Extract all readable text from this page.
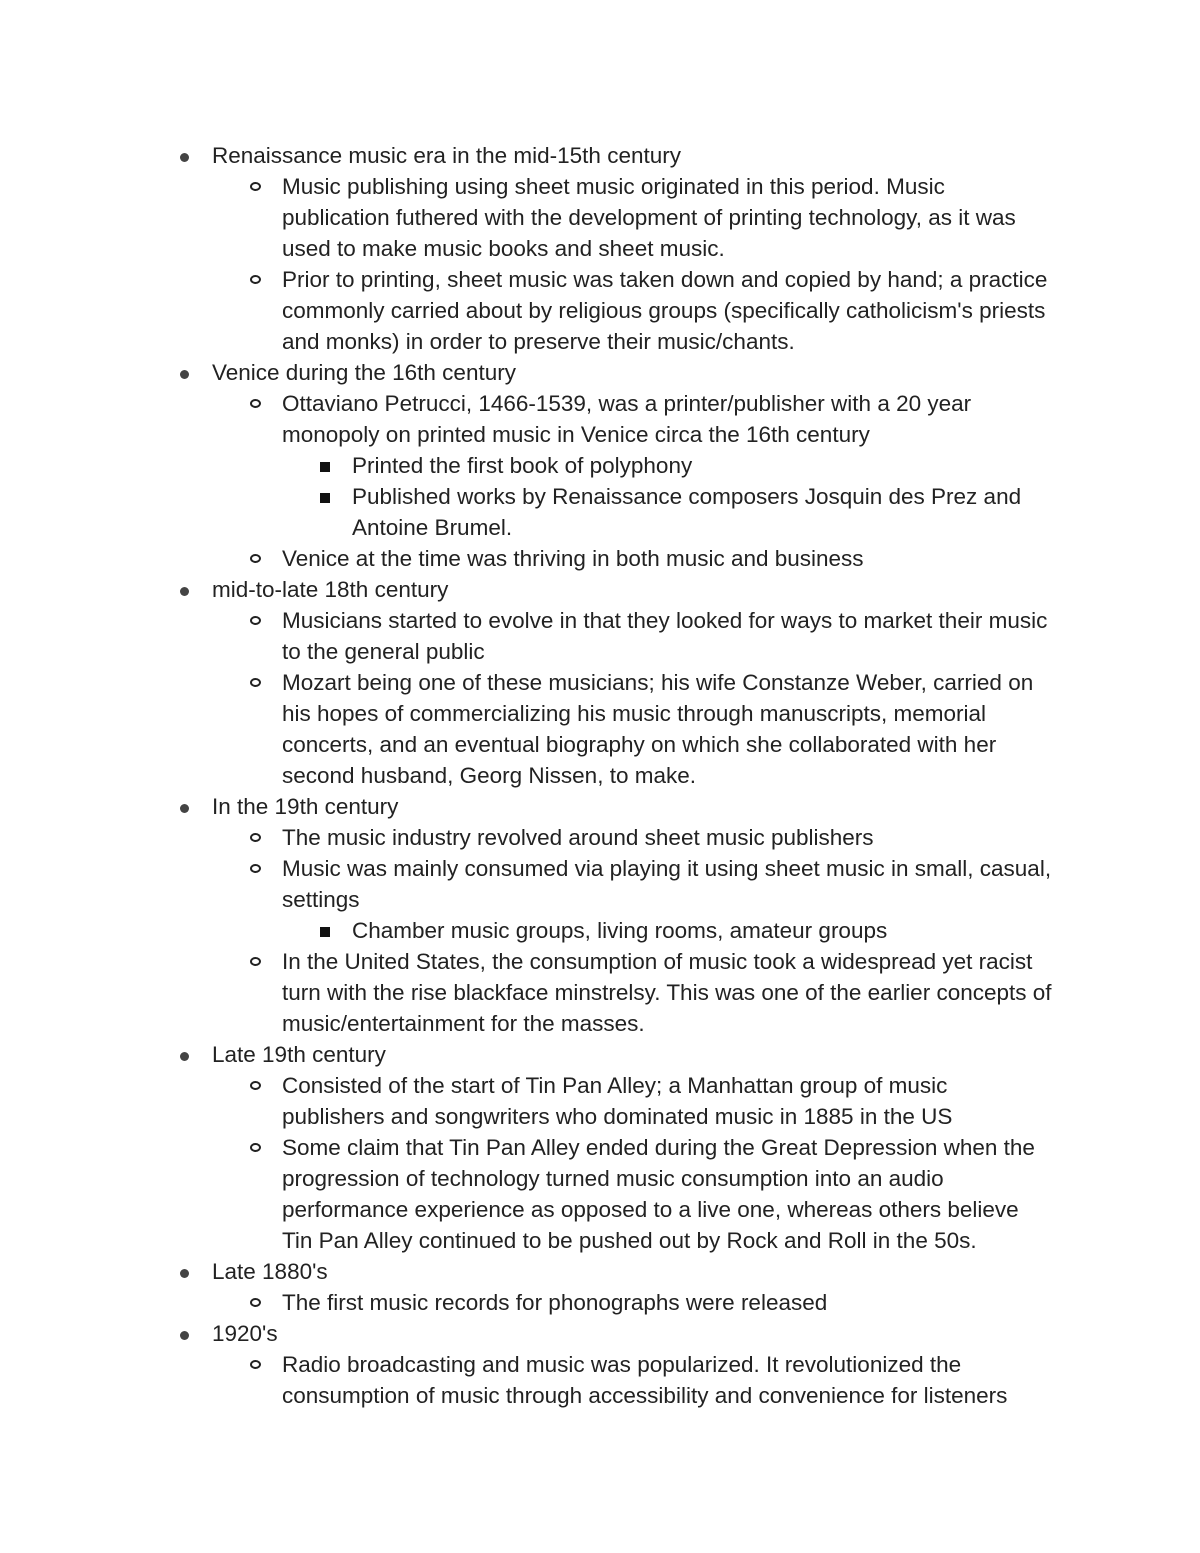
Renaissance music era in the mid-15th century
Music publishing using sheet music originated in this period. Music publication futhered with the development of printing technology, as it was used to make music books and sheet music.
Prior to printing, sheet music was taken down and copied by hand; a practice commonly carried about by religious groups (specifically catholicism's priests and monks) in order to preserve their music/chants.
Venice during the 16th century
Ottaviano Petrucci, 1466-1539, was a printer/publisher with a 20 year monopoly on printed music in Venice circa the 16th century
Printed the first book of polyphony
Published works by Renaissance composers Josquin des Prez and Antoine Brumel.
Venice at the time was thriving in both music and business
mid-to-late 18th century
Musicians started to evolve in that they looked for ways to market their music to the general public
Mozart being one of these musicians; his wife Constanze Weber, carried on his hopes of commercializing his music through manuscripts, memorial concerts, and an eventual biography on which she collaborated with her second husband, Georg Nissen, to make.
In the 19th century
The music industry revolved around sheet music publishers
Music was mainly consumed via playing it using sheet music in small, casual, settings
Chamber music groups, living rooms, amateur groups
In the United States, the consumption of music took a widespread yet racist turn with the rise blackface minstrelsy. This was one of the earlier concepts of music/entertainment for the masses.
Late 19th century
Consisted of the start of Tin Pan Alley; a Manhattan group of music publishers and songwriters who dominated music in 1885 in the US
Some claim that Tin Pan Alley ended during the Great Depression when the progression of technology turned music consumption into an audio performance experience as opposed to a live one, whereas others believe Tin Pan Alley continued to be pushed out by Rock and Roll in the 50s.
Late 1880's
The first music records for phonographs were released
1920's
Radio broadcasting and music was popularized. It revolutionized the consumption of music through accessibility and convenience for listeners
